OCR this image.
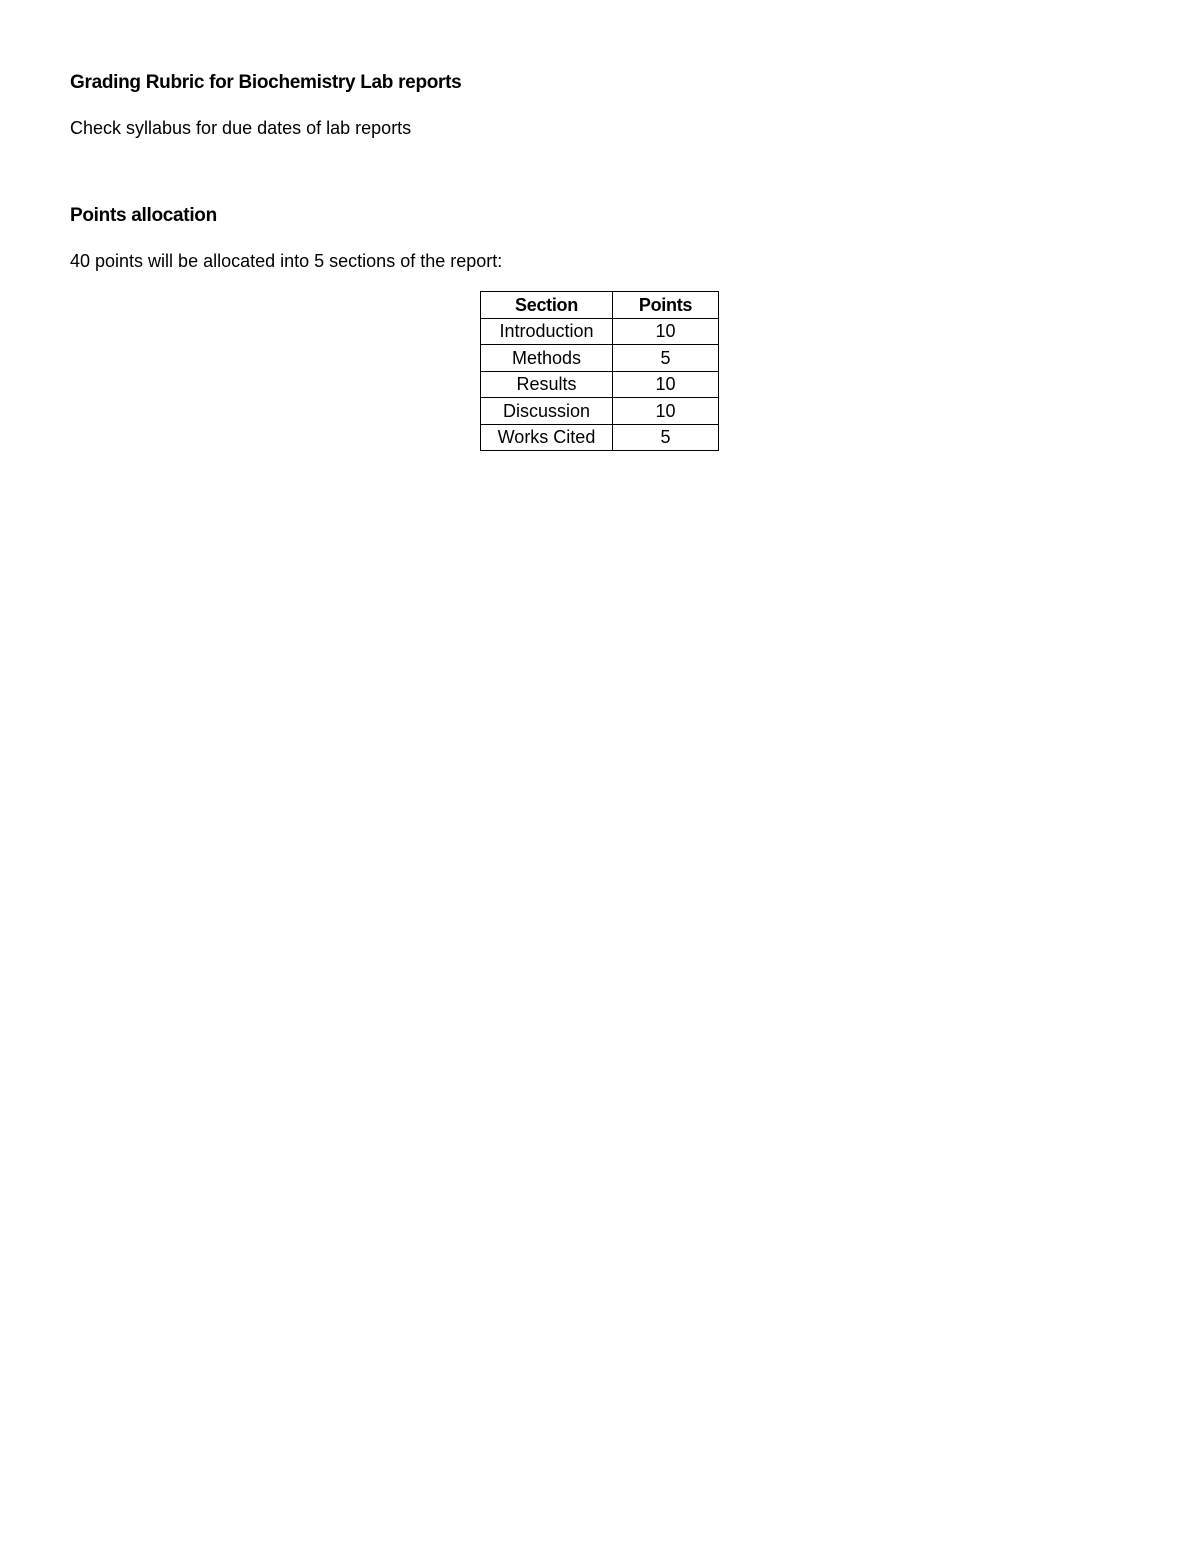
Grading Rubric for Biochemistry Lab reports

Check syllabus for due dates of lab reports

Points allocation

40 points will be allocated into 5 sections of the report:

Section	Points
Introduction	10
Methods	5
Results	10
Discussion	10
Works Cited	5
